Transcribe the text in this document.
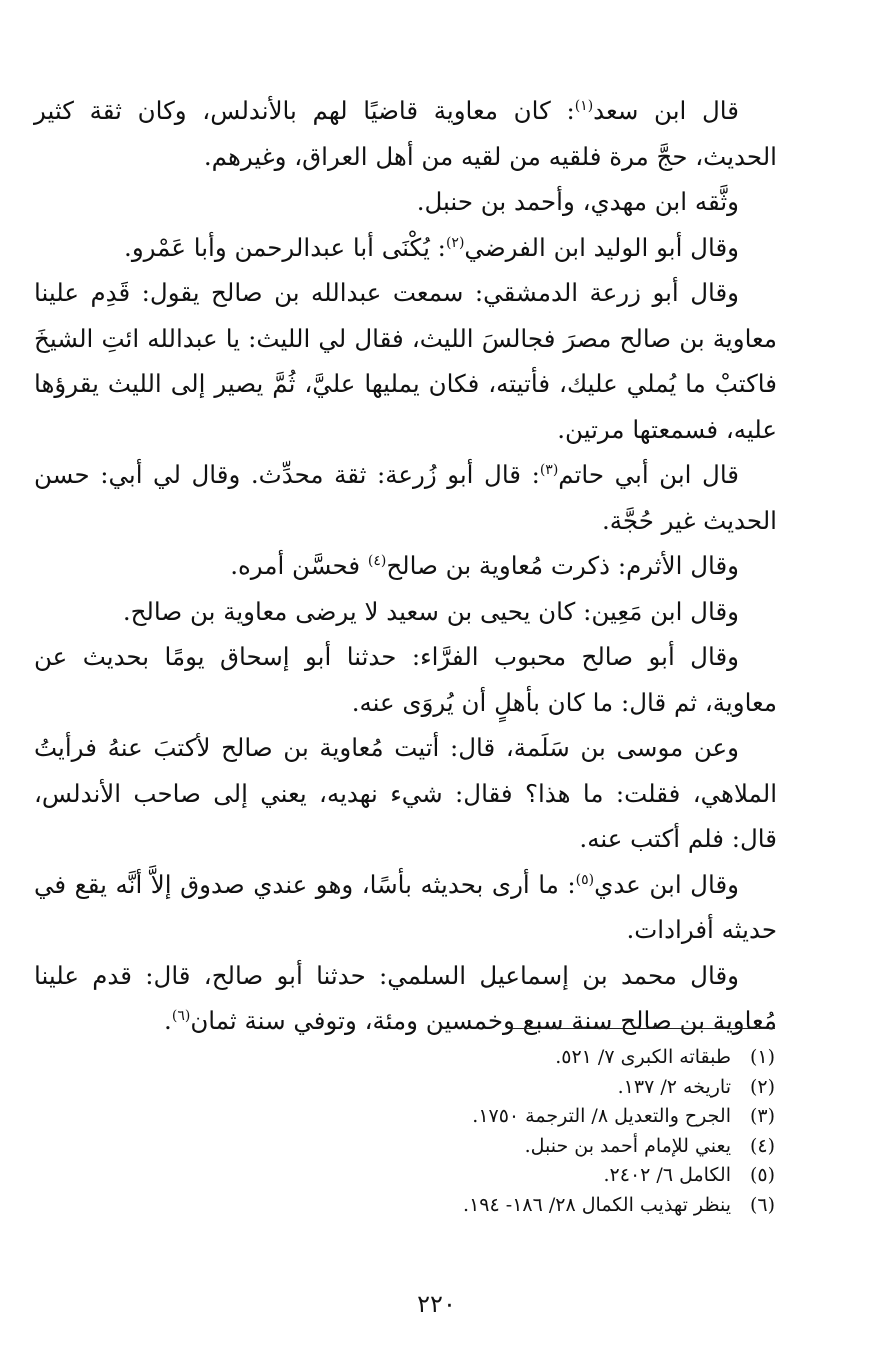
قال ابن سعد$^{(١)}$: كان معاوية قاضيًا لهم بالأندلس، وكان ثقة كثير الحديث، حجَّ مرة فلقيه من لقيه من أهل العراق، وغيرهم.

وثَّقه ابن مهدي، وأحمد بن حنبل.

وقال أبو الوليد ابن الفرضي$^{(٢)}$: يُكْنَى أبا عبدالرحمن وأبا عَمْرو.

وقال أبو زرعة الدمشقي: سمعت عبدالله بن صالح يقول: قَدِم علينا معاوية بن صالح مصرَ فجالسَ الليث، فقال لي الليث: يا عبدالله ائتِ الشيخَ فاكتبْ ما يُملي عليك، فأتيته، فكان يمليها عليَّ، ثُمَّ يصير إلى الليث يقرؤها عليه، فسمعتها مرتين.

قال ابن أبي حاتم$^{(٣)}$: قال أبو زُرعة: ثقة محدِّث. وقال لي أبي: حسن الحديث غير حُجَّة.

وقال الأثرم: ذكرت مُعاوية بن صالح$^{(٤)}$ فحسَّن أمره.

وقال ابن مَعِين: كان يحيى بن سعيد لا يرضى معاوية بن صالح.

وقال أبو صالح محبوب الفرَّاء: حدثنا أبو إسحاق يومًا بحديث عن معاوية، ثم قال: ما كان بأهلٍ أن يُروَى عنه.

وعن موسى بن سَلَمة، قال: أتيت مُعاوية بن صالح لأكتبَ عنهُ فرأيتُ الملاهي، فقلت: ما هذا؟ فقال: شيء نهديه، يعني إلى صاحب الأندلس، قال: فلم أكتب عنه.

وقال ابن عدي$^{(٥)}$: ما أرى بحديثه بأسًا، وهو عندي صدوق إلاَّ أنَّه يقع في حديثه أفرادات.

وقال محمد بن إسماعيل السلمي: حدثنا أبو صالح، قال: قدم علينا مُعاوية بن صالح سنة سبع وخمسين ومئة، وتوفي سنة ثمان$^{(٦)}$.

(١)
طبقاته الكبرى ٧/ ٥٢١.
(٢)
تاريخه ٢/ ١٣٧.
(٣)
الجرح والتعديل ٨/ الترجمة ١٧٥٠.
(٤)
يعني للإمام أحمد بن حنبل.
(٥)
الكامل ٦/ ٢٤٠٢.
(٦)
ينظر تهذيب الكمال ٢٨/ ١٨٦- ١٩٤.
٢٢٠
